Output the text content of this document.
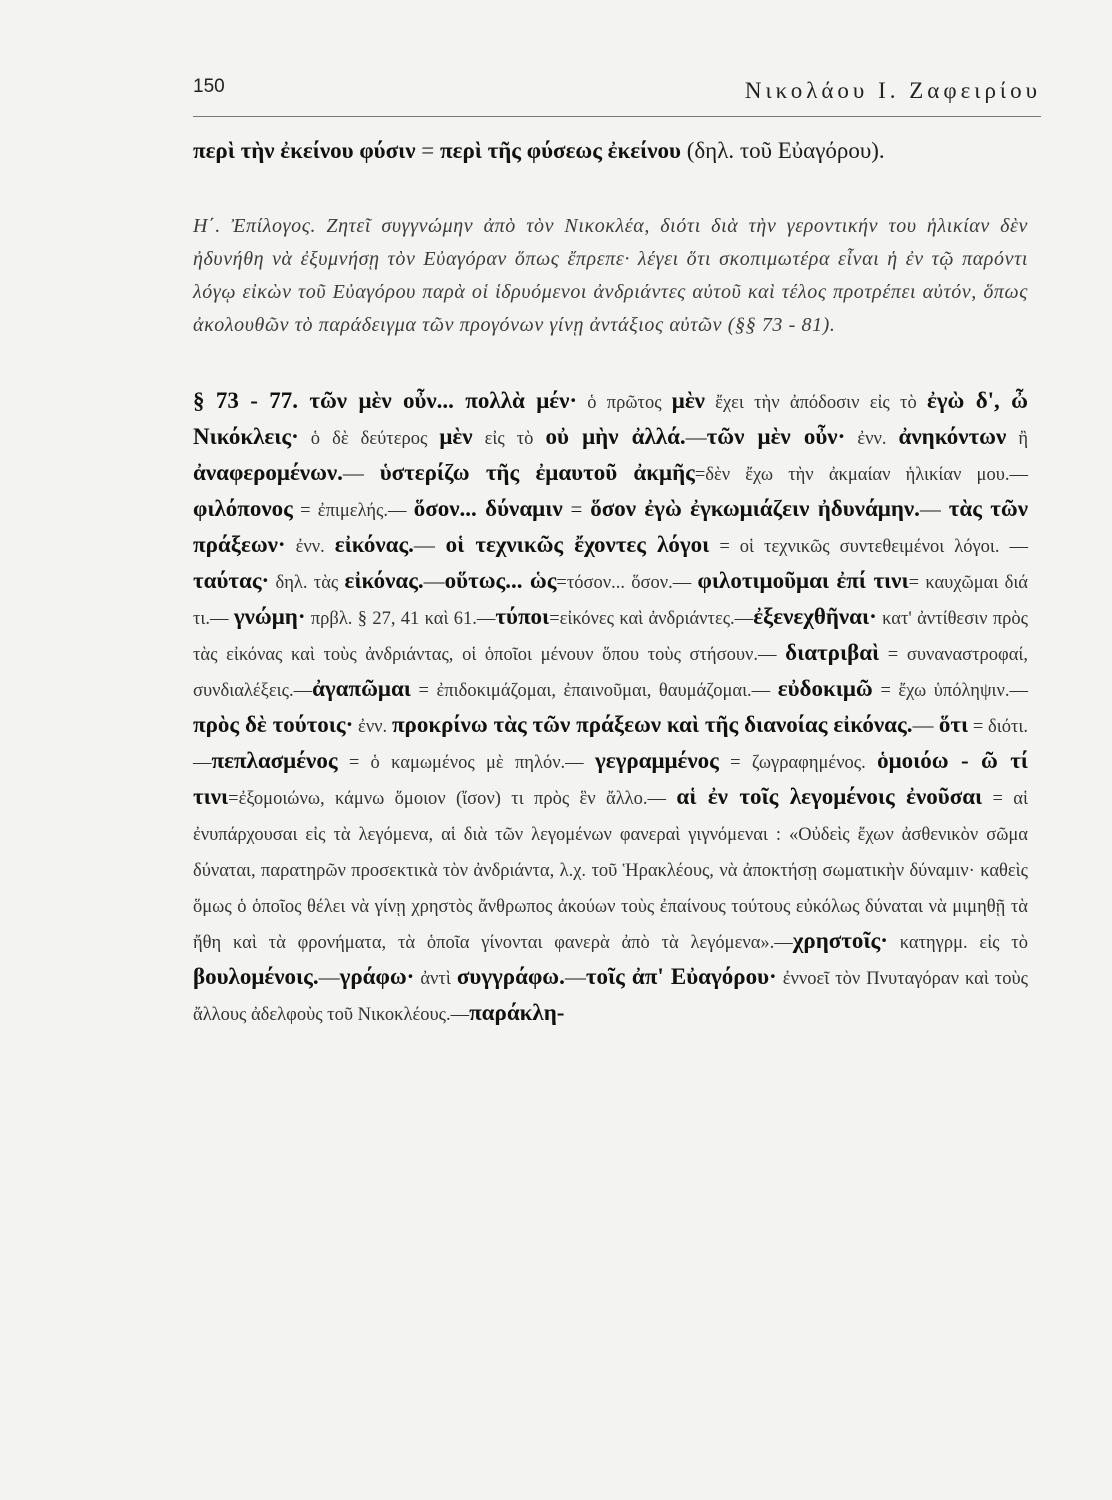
150	Νικολάου Ι. Ζαφειρίου

περὶ τὴν ἐκείνου φύσιν = περὶ τῆς φύσεως ἐκείνου (δηλ. τοῦ Εὐαγόρου).

Η΄. Ἐπίλογος. Ζητεῖ συγγνώμην ἀπὸ τὸν Νικοκλέα, διότι διὰ τὴν γεροντικήν του ἡλικίαν δὲν ἠδυνήθη νὰ ἐξυμνήσῃ τὸν Εὐαγόραν ὅπως ἔπρεπε· λέγει ὅτι σκοπιμωτέρα εἶναι ἡ ἐν τῷ παρόντι λόγῳ εἰκὼν τοῦ Εὐαγόρου παρὰ οἱ ἱδρυόμενοι ἀνδριάντες αὐτοῦ καὶ τέλος προτρέπει αὐτόν, ὅπως ἀκολουθῶν τὸ παράδειγμα τῶν προγόνων γίνῃ ἀντάξιος αὐτῶν (§§ 73 - 81).

§ 73 - 77. τῶν μὲν οὖν... πολλὰ μέν· ὁ πρῶτος μὲν ἔχει τὴν ἀπόδοσιν εἰς τὸ ἐγὼ δ', ὦ Νικόκλεις· ὁ δὲ δεύτερος μὲν εἰς τὸ οὐ μὴν ἀλλά.—τῶν μὲν οὖν· ἐνν. ἀνηκόντων ἢ ἀναφερομένων.— ὑστερίζω τῆς ἐμαυτοῦ ἀκμῆς=δὲν ἔχω τὴν ἀκμαίαν ἡλικίαν μου.— φιλόπονος = ἐπιμελής.— ὅσον... δύναμιν = ὅσον ἐγὼ ἐγκωμιάζειν ἠδυνάμην.— τὰς τῶν πράξεων· ἐνν. εἰκόνας.— οἱ τεχνικῶς ἔχοντες λόγοι = οἱ τεχνικῶς συντεθειμένοι λόγοι. — ταύτας· δηλ. τὰς εἰκόνας.—οὕτως... ὡς=τόσον... ὅσον.— φιλοτιμοῦμαι ἐπί τινι= καυχῶμαι διά τι.— γνώμη· πρβλ. § 27, 41 καὶ 61.—τύποι=εἰκόνες καὶ ἀνδριάντες.—ἐξενεχθῆναι· κατ' ἀντίθεσιν πρὸς τὰς εἰκόνας καὶ τοὺς ἀνδριάντας, οἱ ὁποῖοι μένουν ὅπου τοὺς στήσουν.— διατριβαὶ = συναναστροφαί, συνδιαλέξεις.—ἀγαπῶμαι = ἐπιδοκιμάζομαι, ἐπαινοῦμαι, θαυμάζομαι.— εὐδοκιμῶ = ἔχω ὑπόληψιν.— πρὸς δὲ τούτοις· ἐνν. προκρίνω τὰς τῶν πράξεων καὶ τῆς διανοίας εἰκόνας.— ὅτι = διότι.—πεπλασμένος = ὁ καμωμένος μὲ πηλόν.— γεγραμμένος = ζωγραφημένος. ὁμοιόω - ῶ τί τινι=ἐξομοιώνω, κάμνω ὅμοιον (ἴσον) τι πρὸς ἓν ἄλλο.— αἱ ἐν τοῖς λεγομένοις ἐνοῦσαι = αἱ ἐνυπάρχουσαι εἰς τὰ λεγόμενα, αἱ διὰ τῶν λεγομένων φανεραὶ γιγνόμεναι : «Οὐδεὶς ἔχων ἀσθενικὸν σῶμα δύναται, παρατηρῶν προσεκτικὰ τὸν ἀνδριάντα, λ.χ. τοῦ Ἡρακλέους, νὰ ἀποκτήσῃ σωματικὴν δύναμιν· καθεὶς ὅμως ὁ ὁποῖος θέλει νὰ γίνῃ χρηστὸς ἄνθρωπος ἀκούων τοὺς ἐπαίνους τούτους εὐκόλως δύναται νὰ μιμηθῇ τὰ ἤθη καὶ τὰ φρονήματα, τὰ ὁποῖα γίνονται φανερὰ ἀπὸ τὰ λεγόμενα».—χρηστοῖς· κατηγρμ. εἰς τὸ βουλομένοις.—γράφω· ἀντὶ συγγράφω.—τοῖς ἀπ' Εὐαγόρου· ἐννοεῖ τὸν Πνυταγόραν καὶ τοὺς ἄλλους ἀδελφοὺς τοῦ Νικοκλέους.—παράκλη-
